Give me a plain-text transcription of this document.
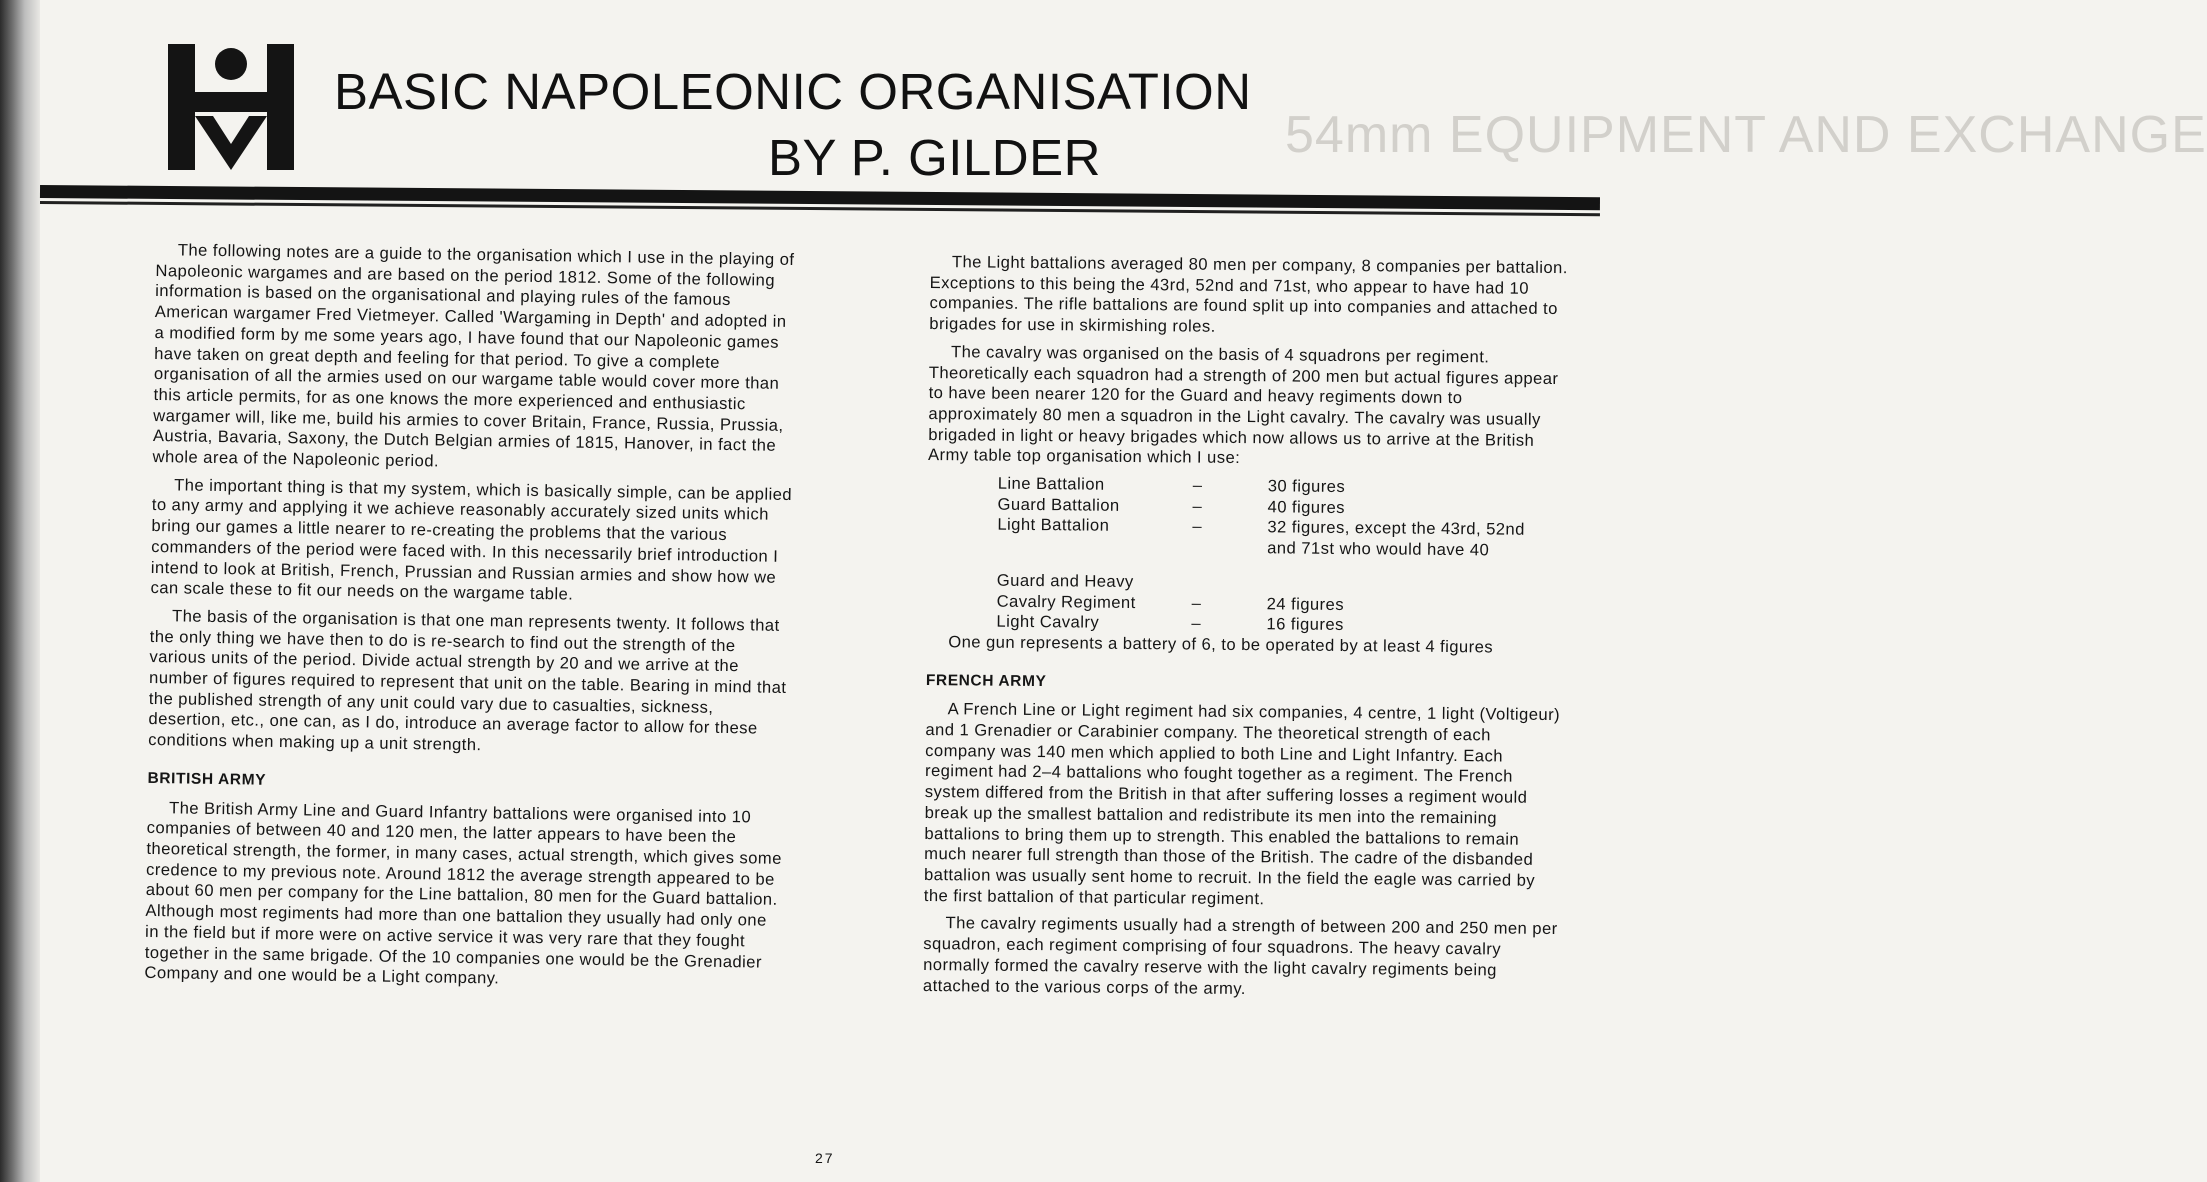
54mm EQUIPMENT AND EXCHANGE
BASIC NAPOLEONIC ORGANISATION
BY P. GILDER

The following notes are a guide to the organisation which I use in the playing of Napoleonic wargames and are based on the period 1812. Some of the following information is based on the organisational and playing rules of the famous American wargamer Fred Vietmeyer. Called 'Wargaming in Depth' and adopted in a modified form by me some years ago, I have found that our Napoleonic games have taken on great depth and feeling for that period. To give a complete organisation of all the armies used on our wargame table would cover more than this article permits, for as one knows the more experienced and enthusiastic wargamer will, like me, build his armies to cover Britain, France, Russia, Prussia, Austria, Bavaria, Saxony, the Dutch Belgian armies of 1815, Hanover, in fact the whole area of the Napoleonic period.

The important thing is that my system, which is basically simple, can be applied to any army and applying it we achieve reasonably accurately sized units which bring our games a little nearer to re-creating the problems that the various commanders of the period were faced with. In this necessarily brief introduction I intend to look at British, French, Prussian and Russian armies and show how we can scale these to fit our needs on the wargame table.

The basis of the organisation is that one man represents twenty. It follows that the only thing we have then to do is re-search to find out the strength of the various units of the period. Divide actual strength by 20 and we arrive at the number of figures required to represent that unit on the table. Bearing in mind that the published strength of any unit could vary due to casualties, sickness, desertion, etc., one can, as I do, introduce an average factor to allow for these conditions when making up a unit strength.

BRITISH ARMY

The British Army Line and Guard Infantry battalions were organised into 10 companies of between 40 and 120 men, the latter appears to have been the theoretical strength, the former, in many cases, actual strength, which gives some credence to my previous note. Around 1812 the average strength appeared to be about 60 men per company for the Line battalion, 80 men for the Guard battalion. Although most regiments had more than one battalion they usually had only one in the field but if more were on active service it was very rare that they fought together in the same brigade. Of the 10 companies one would be the Grenadier Company and one would be a Light company.

The Light battalions averaged 80 men per company, 8 companies per battalion. Exceptions to this being the 43rd, 52nd and 71st, who appear to have had 10 companies. The rifle battalions are found split up into companies and attached to brigades for use in skirmishing roles.

The cavalry was organised on the basis of 4 squadrons per regiment. Theoretically each squadron had a strength of 200 men but actual figures appear to have been nearer 120 for the Guard and heavy regiments down to approximately 80 men a squadron in the Light cavalry. The cavalry was usually brigaded in light or heavy brigades which now allows us to arrive at the British Army table top organisation which I use:

Line Battalion	–	30 figures
Guard Battalion	–	40 figures
Light Battalion	–	32 figures, except the 43rd, 52nd and 71st who would have 40

Guard and Heavy		
Cavalry Regiment	–	24 figures
Light Cavalry	–	16 figures

One gun represents a battery of 6, to be operated by at least 4 figures

FRENCH ARMY

A French Line or Light regiment had six companies, 4 centre, 1 light (Voltigeur) and 1 Grenadier or Carabinier company. The theoretical strength of each company was 140 men which applied to both Line and Light Infantry. Each regiment had 2–4 battalions who fought together as a regiment. The French system differed from the British in that after suffering losses a regiment would break up the smallest battalion and redistribute its men into the remaining battalions to bring them up to strength. This enabled the battalions to remain much nearer full strength than those of the British. The cadre of the disbanded battalion was usually sent home to recruit. In the field the eagle was carried by the first battalion of that particular regiment.

The cavalry regiments usually had a strength of between 200 and 250 men per squadron, each regiment comprising of four squadrons. The heavy cavalry normally formed the cavalry reserve with the light cavalry regiments being attached to the various corps of the army.

27
